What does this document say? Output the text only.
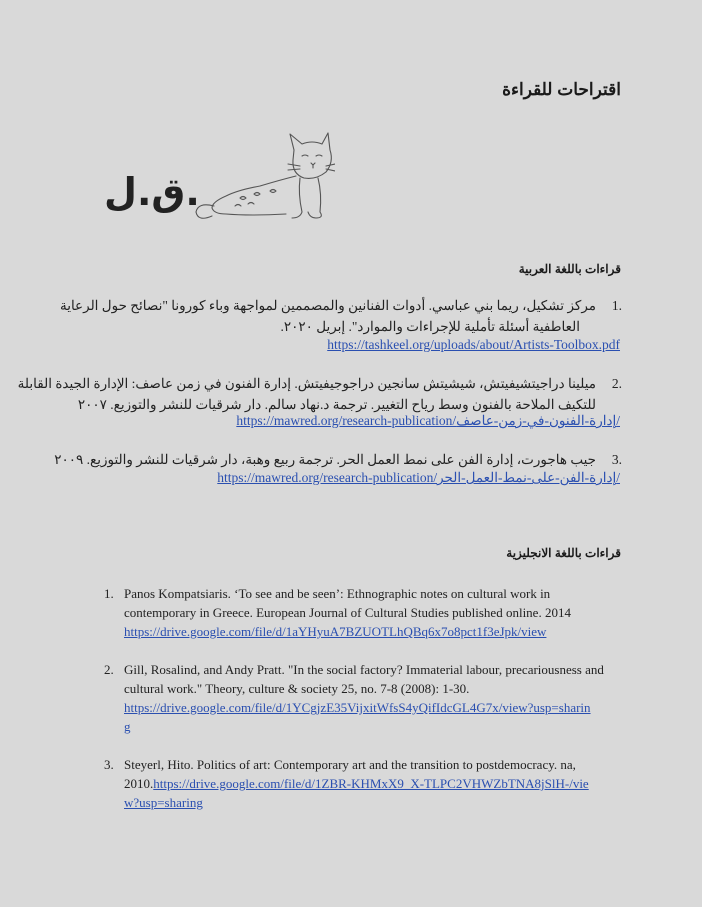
اقتراحات للقراءة
ق.ل.
قراءات باللغة العربية
1.
مركز تشكيل، ريما بني عباسي. أدوات الفنانين والمصممين لمواجهة وباء كورونا "نصائح حول الرعاية
العاطفية أسئلة تأملية للإجراءات والموارد". إبريل ٢٠٢٠.
https://tashkeel.org/uploads/about/Artists-Toolbox.pdf
2.
ميلينا دراجيتشيفيتش، شيشيتش سانجين دراجوجيفيتش. إدارة الفنون في زمن عاصف: الإدارة الجيدة القابلة
للتكيف الملاحة بالفنون وسط رياح التغيير. ترجمة د.نهاد سالم. دار شرقيات للنشر والتوزيع. ٢٠٠٧
https://mawred.org/research-publication/إدارة-الفنون-في-زمن-عاصف/
3.
جيب هاجورت، إدارة الفن على نمط العمل الحر. ترجمة ربيع وهبة، دار شرقيات للنشر والتوزيع. ٢٠٠٩
https://mawred.org/research-publication/إدارة-الفن-على-نمط-العمل-الحر/
قراءات باللغة الانجليزية
1. Panos Kompatsiaris. ‘To see and be seen’: Ethnographic notes on cultural work in
contemporary in Greece. European Journal of Cultural Studies published online. 2014
https://drive.google.com/file/d/1aYHyuA7BZUOTLhQBq6x7o8pct1f3eJpk/view
2. Gill, Rosalind, and Andy Pratt. "In the social factory? Immaterial labour, precariousness and
cultural work." Theory, culture & society 25, no. 7-8 (2008): 1-30.
https://drive.google.com/file/d/1YCgjzE35VijxitWfsS4yQifIdcGL4G7x/view?usp=sharin
g
3. Steyerl, Hito. Politics of art: Contemporary art and the transition to postdemocracy. na,
2010.https://drive.google.com/file/d/1ZBR-KHMxX9_X-TLPC2VHWZbTNA8jSlH-/vie
w?usp=sharing
